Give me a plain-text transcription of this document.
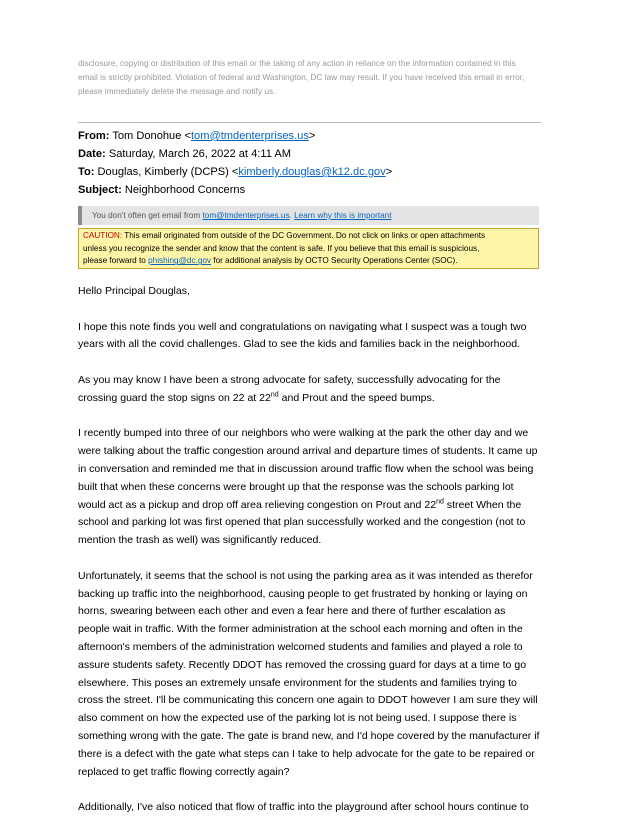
disclosure, copying or distribution of this email or the taking of any action in reliance on the information contained in this
email is strictly prohibited. Violation of federal and Washington, DC law may result. If you have received this email in error,
please immediately delete the message and notify us.
From: Tom Donohue <tom@tmdenterprises.us>
Date: Saturday, March 26, 2022 at 4:11 AM
To: Douglas, Kimberly (DCPS) <kimberly.douglas@k12.dc.gov>
Subject: Neighborhood Concerns
You don't often get email from tom@tmdenterprises.us. Learn why this is important
CAUTION: This email originated from outside of the DC Government. Do not click on links or open attachments
unless you recognize the sender and know that the content is safe. If you believe that this email is suspicious,
please forward to phishing@dc.gov for additional analysis by OCTO Security Operations Center (SOC).

Hello Principal Douglas,

I hope this note finds you well and congratulations on navigating what I suspect was a tough two years with all the covid challenges. Glad to see the kids and families back in the neighborhood.

As you may know I have been a strong advocate for safety, successfully advocating for the crossing guard the stop signs on 22 at 22nd and Prout and the speed bumps.

I recently bumped into three of our neighbors who were walking at the park the other day and we were talking about the traffic congestion around arrival and departure times of students. It came up in conversation and reminded me that in discussion around traffic flow when the school was being built that when these concerns were brought up that the response was the schools parking lot would act as a pickup and drop off area relieving congestion on Prout and 22nd street When the school and parking lot was first opened that plan successfully worked and the congestion (not to mention the trash as well) was significantly reduced.

Unfortunately, it seems that the school is not using the parking area as it was intended as therefor backing up traffic into the neighborhood, causing people to get frustrated by honking or laying on horns, swearing between each other and even a fear here and there of further escalation as people wait in traffic. With the former administration at the school each morning and often in the afternoon's members of the administration welcomed students and families and played a role to assure students safety. Recently DDOT has removed the crossing guard for days at a time to go elsewhere. This poses an extremely unsafe environment for the students and families trying to cross the street. I'll be communicating this concern one again to DDOT however I am sure they will also comment on how the expected use of the parking lot is not being used. I suppose there is something wrong with the gate. The gate is brand new, and I'd hope covered by the manufacturer if there is a defect with the gate what steps can I take to help advocate for the gate to be repaired or replaced to get traffic flowing correctly again?

Additionally, I've also noticed that flow of traffic into the playground after school hours continue to
